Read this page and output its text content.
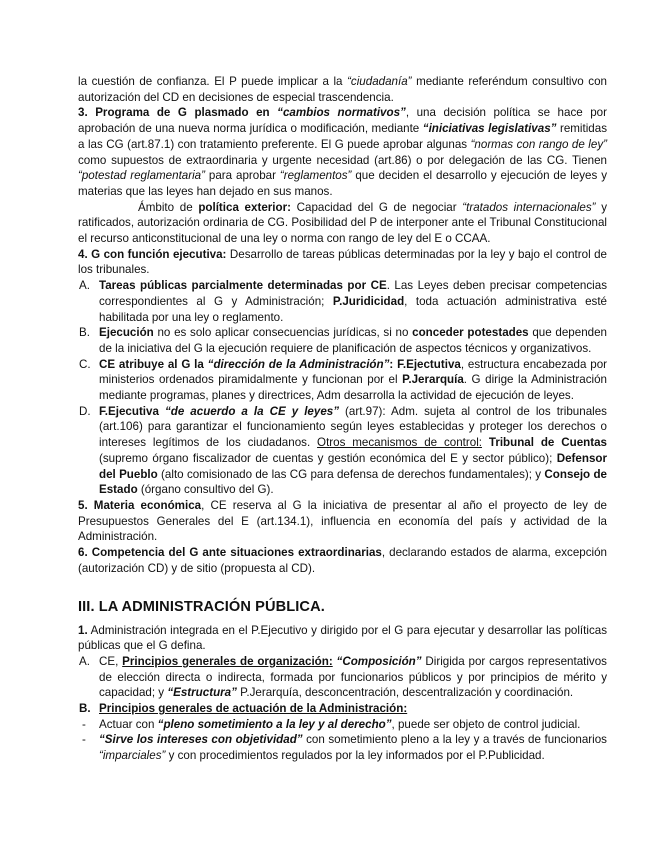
la cuestión de confianza. El P puede implicar a la “ciudadanía” mediante referéndum consultivo con autorización del CD en decisiones de especial trascendencia.

3. Programa de G plasmado en “cambios normativos”, una decisión política se hace por aprobación de una nueva norma jurídica o modificación, mediante “iniciativas legislativas” remitidas a las CG (art.87.1) con tratamiento preferente. El G puede aprobar algunas “normas con rango de ley” como supuestos de extraordinaria y urgente necesidad (art.86) o por delegación de las CG. Tienen “potestad reglamentaria” para aprobar “reglamentos” que deciden el desarrollo y ejecución de leyes y materias que las leyes han dejado en sus manos.

Ámbito de política exterior: Capacidad del G de negociar “tratados internacionales” y ratificados, autorización ordinaria de CG. Posibilidad del P de interponer ante el Tribunal Constitucional el recurso anticonstitucional de una ley o norma con rango de ley del E o CCAA.

4. G con función ejecutiva: Desarrollo de tareas públicas determinadas por la ley y bajo el control de los tribunales.

A. Tareas públicas parcialmente determinadas por CE. Las Leyes deben precisar competencias correspondientes al G y Administración; P.Juridicidad, toda actuación administrativa esté habilitada por una ley o reglamento.
B. Ejecución no es solo aplicar consecuencias jurídicas, si no conceder potestades que dependen de la iniciativa del G la ejecución requiere de planificación de aspectos técnicos y organizativos.
C. CE atribuye al G la “dirección de la Administración”: F.Ejectutiva, estructura encabezada por ministerios ordenados piramidalmente y funcionan por el P.Jerarquía. G dirige la Administración mediante programas, planes y directrices, Adm desarrolla la actividad de ejecución de leyes.
D. F.Ejecutiva “de acuerdo a la CE y leyes” (art.97): Adm. sujeta al control de los tribunales (art.106) para garantizar el funcionamiento según leyes establecidas y proteger los derechos o intereses legítimos de los ciudadanos. Otros mecanismos de control: Tribunal de Cuentas (supremo órgano fiscalizador de cuentas y gestión económica del E y sector público); Defensor del Pueblo (alto comisionado de las CG para defensa de derechos fundamentales); y Consejo de Estado (órgano consultivo del G).

5. Materia económica, CE reserva al G la iniciativa de presentar al año el proyecto de ley de Presupuestos Generales del E (art.134.1), influencia en economía del país y actividad de la Administración.

6. Competencia del G ante situaciones extraordinarias, declarando estados de alarma, excepción (autorización CD) y de sitio (propuesta al CD).

III. LA ADMINISTRACIÓN PÚBLICA.

1. Administración integrada en el P.Ejecutivo y dirigido por el G para ejecutar y desarrollar las políticas públicas que el G defina.

A. CE, Principios generales de organización: “Composición” Dirigida por cargos representativos de elección directa o indirecta, formada por funcionarios públicos y por principios de mérito y capacidad; y “Estructura” P.Jerarquía, desconcentración, descentralización y coordinación.
B. Principios generales de actuación de la Administración:
- Actuar con “pleno sometimiento a la ley y al derecho”, puede ser objeto de control judicial.
- “Sirve los intereses con objetividad” con sometimiento pleno a la ley y a través de funcionarios “imparciales” y con procedimientos regulados por la ley informados por el P.Publicidad.
